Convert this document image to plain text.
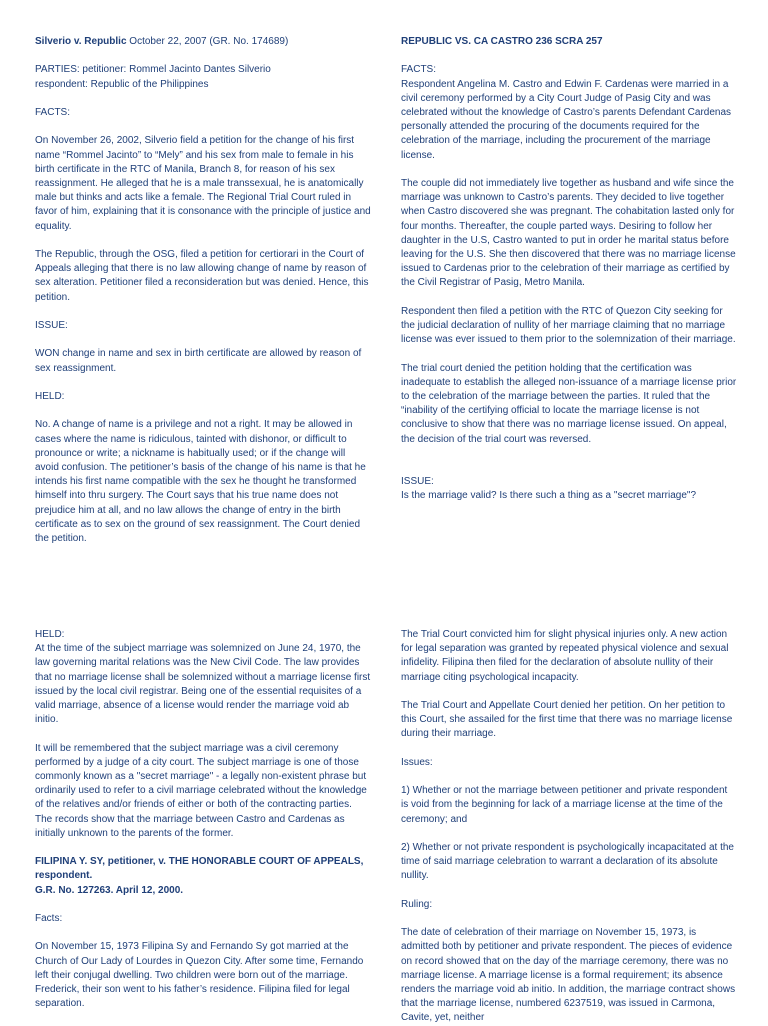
Silverio v. Republic October 22, 2007 (GR. No. 174689)

PARTIES: petitioner: Rommel Jacinto Dantes Silverio
respondent: Republic of the Philippines

FACTS:

On November 26, 2002, Silverio field a petition for the change of his first name “Rommel Jacinto” to “Mely” and his sex from male to female in his birth certificate in the RTC of Manila, Branch 8, for reason of his sex reassignment. He alleged that he is a male transsexual, he is anatomically male but thinks and acts like a female. The Regional Trial Court ruled in favor of him, explaining that it is consonance with the principle of justice and equality.

The Republic, through the OSG, filed a petition for certiorari in the Court of Appeals alleging that there is no law allowing change of name by reason of sex alteration. Petitioner filed a reconsideration but was denied. Hence, this petition.

ISSUE:

WON change in name and sex in birth certificate are allowed by reason of sex reassignment.

HELD:

No. A change of name is a privilege and not a right. It may be allowed in cases where the name is ridiculous, tainted with dishonor, or difficult to pronounce or write; a nickname is habitually used; or if the change will avoid confusion. The petitioner’s basis of the change of his name is that he intends his first name compatible with the sex he thought he transformed himself into thru surgery. The Court says that his true name does not prejudice him at all, and no law allows the change of entry in the birth certificate as to sex on the ground of sex reassignment. The Court denied the petition.

REPUBLIC VS. CA CASTRO 236 SCRA 257

FACTS:

Respondent Angelina M. Castro and Edwin F. Cardenas were married in a civil ceremony performed by a City Court Judge of Pasig City and was celebrated without the knowledge of Castro’s parents Defendant Cardenas personally attended the procuring of the documents required for the celebration of the marriage, including the procurement of the marriage license.

The couple did not immediately live together as husband and wife since the marriage was unknown to Castro’s parents. They decided to live together when Castro discovered she was pregnant. The cohabitation lasted only for four months. Thereafter, the couple parted ways. Desiring to follow her daughter in the U.S, Castro wanted to put in order he marital status before leaving for the U.S. She then discovered that there was no marriage license issued to Cardenas prior to the celebration of their marriage as certified by the Civil Registrar of Pasig, Metro Manila.

Respondent then filed a petition with the RTC of Quezon City seeking for the judicial declaration of nullity of her marriage claiming that no marriage license was ever issued to them prior to the solemnization of their marriage.

The trial court denied the petition holding that the certification was inadequate to establish the alleged non-issuance of a marriage license prior to the celebration of the marriage between the parties. It ruled that the “inability of the certifying official to locate the marriage license is not conclusive to show that there was no marriage license issued. On appeal, the decision of the trial court was reversed.

ISSUE:

Is the marriage valid? Is there such a thing as a "secret marriage"?

HELD:

At the time of the subject marriage was solemnized on June 24, 1970, the law governing marital relations was the New Civil Code. The law provides that no marriage license shall be solemnized without a marriage license first issued by the local civil registrar. Being one of the essential requisites of a valid marriage, absence of a license would render the marriage void ab initio.

It will be remembered that the subject marriage was a civil ceremony performed by a judge of a city court. The subject marriage is one of those commonly known as a "secret marriage" - a legally non-existent phrase but ordinarily used to refer to a civil marriage celebrated without the knowledge of the relatives and/or friends of either or both of the contracting parties. The records show that the marriage between Castro and Cardenas as initially unknown to the parents of the former.

FILIPINA Y. SY, petitioner, v. THE HONORABLE COURT OF APPEALS, respondent.
G.R. No. 127263. April 12, 2000.

Facts:

On November 15, 1973 Filipina Sy and Fernando Sy got married at the Church of Our Lady of Lourdes in Quezon City. After some time, Fernando left their conjugal dwelling. Two children were born out of the marriage. Frederick, their son went to his father’s residence. Filipina filed for legal separation.

The Trial Court convicted him for slight physical injuries only. A new action for legal separation was granted by repeated physical violence and sexual infidelity. Filipina then filed for the declaration of absolute nullity of their marriage citing psychological incapacity.

The Trial Court and Appellate Court denied her petition. On her petition to this Court, she assailed for the first time that there was no marriage license during their marriage.

Issues:

1) Whether or not the marriage between petitioner and private respondent is void from the beginning for lack of a marriage license at the time of the ceremony; and

2) Whether or not private respondent is psychologically incapacitated at the time of said marriage celebration to warrant a declaration of its absolute nullity.

Ruling:

The date of celebration of their marriage on November 15, 1973, is admitted both by petitioner and private respondent. The pieces of evidence on record showed that on the day of the marriage ceremony, there was no marriage license. A marriage license is a formal requirement; its absence renders the marriage void ab initio. In addition, the marriage contract shows that the marriage license, numbered 6237519, was issued in Carmona, Cavite, yet, neither
